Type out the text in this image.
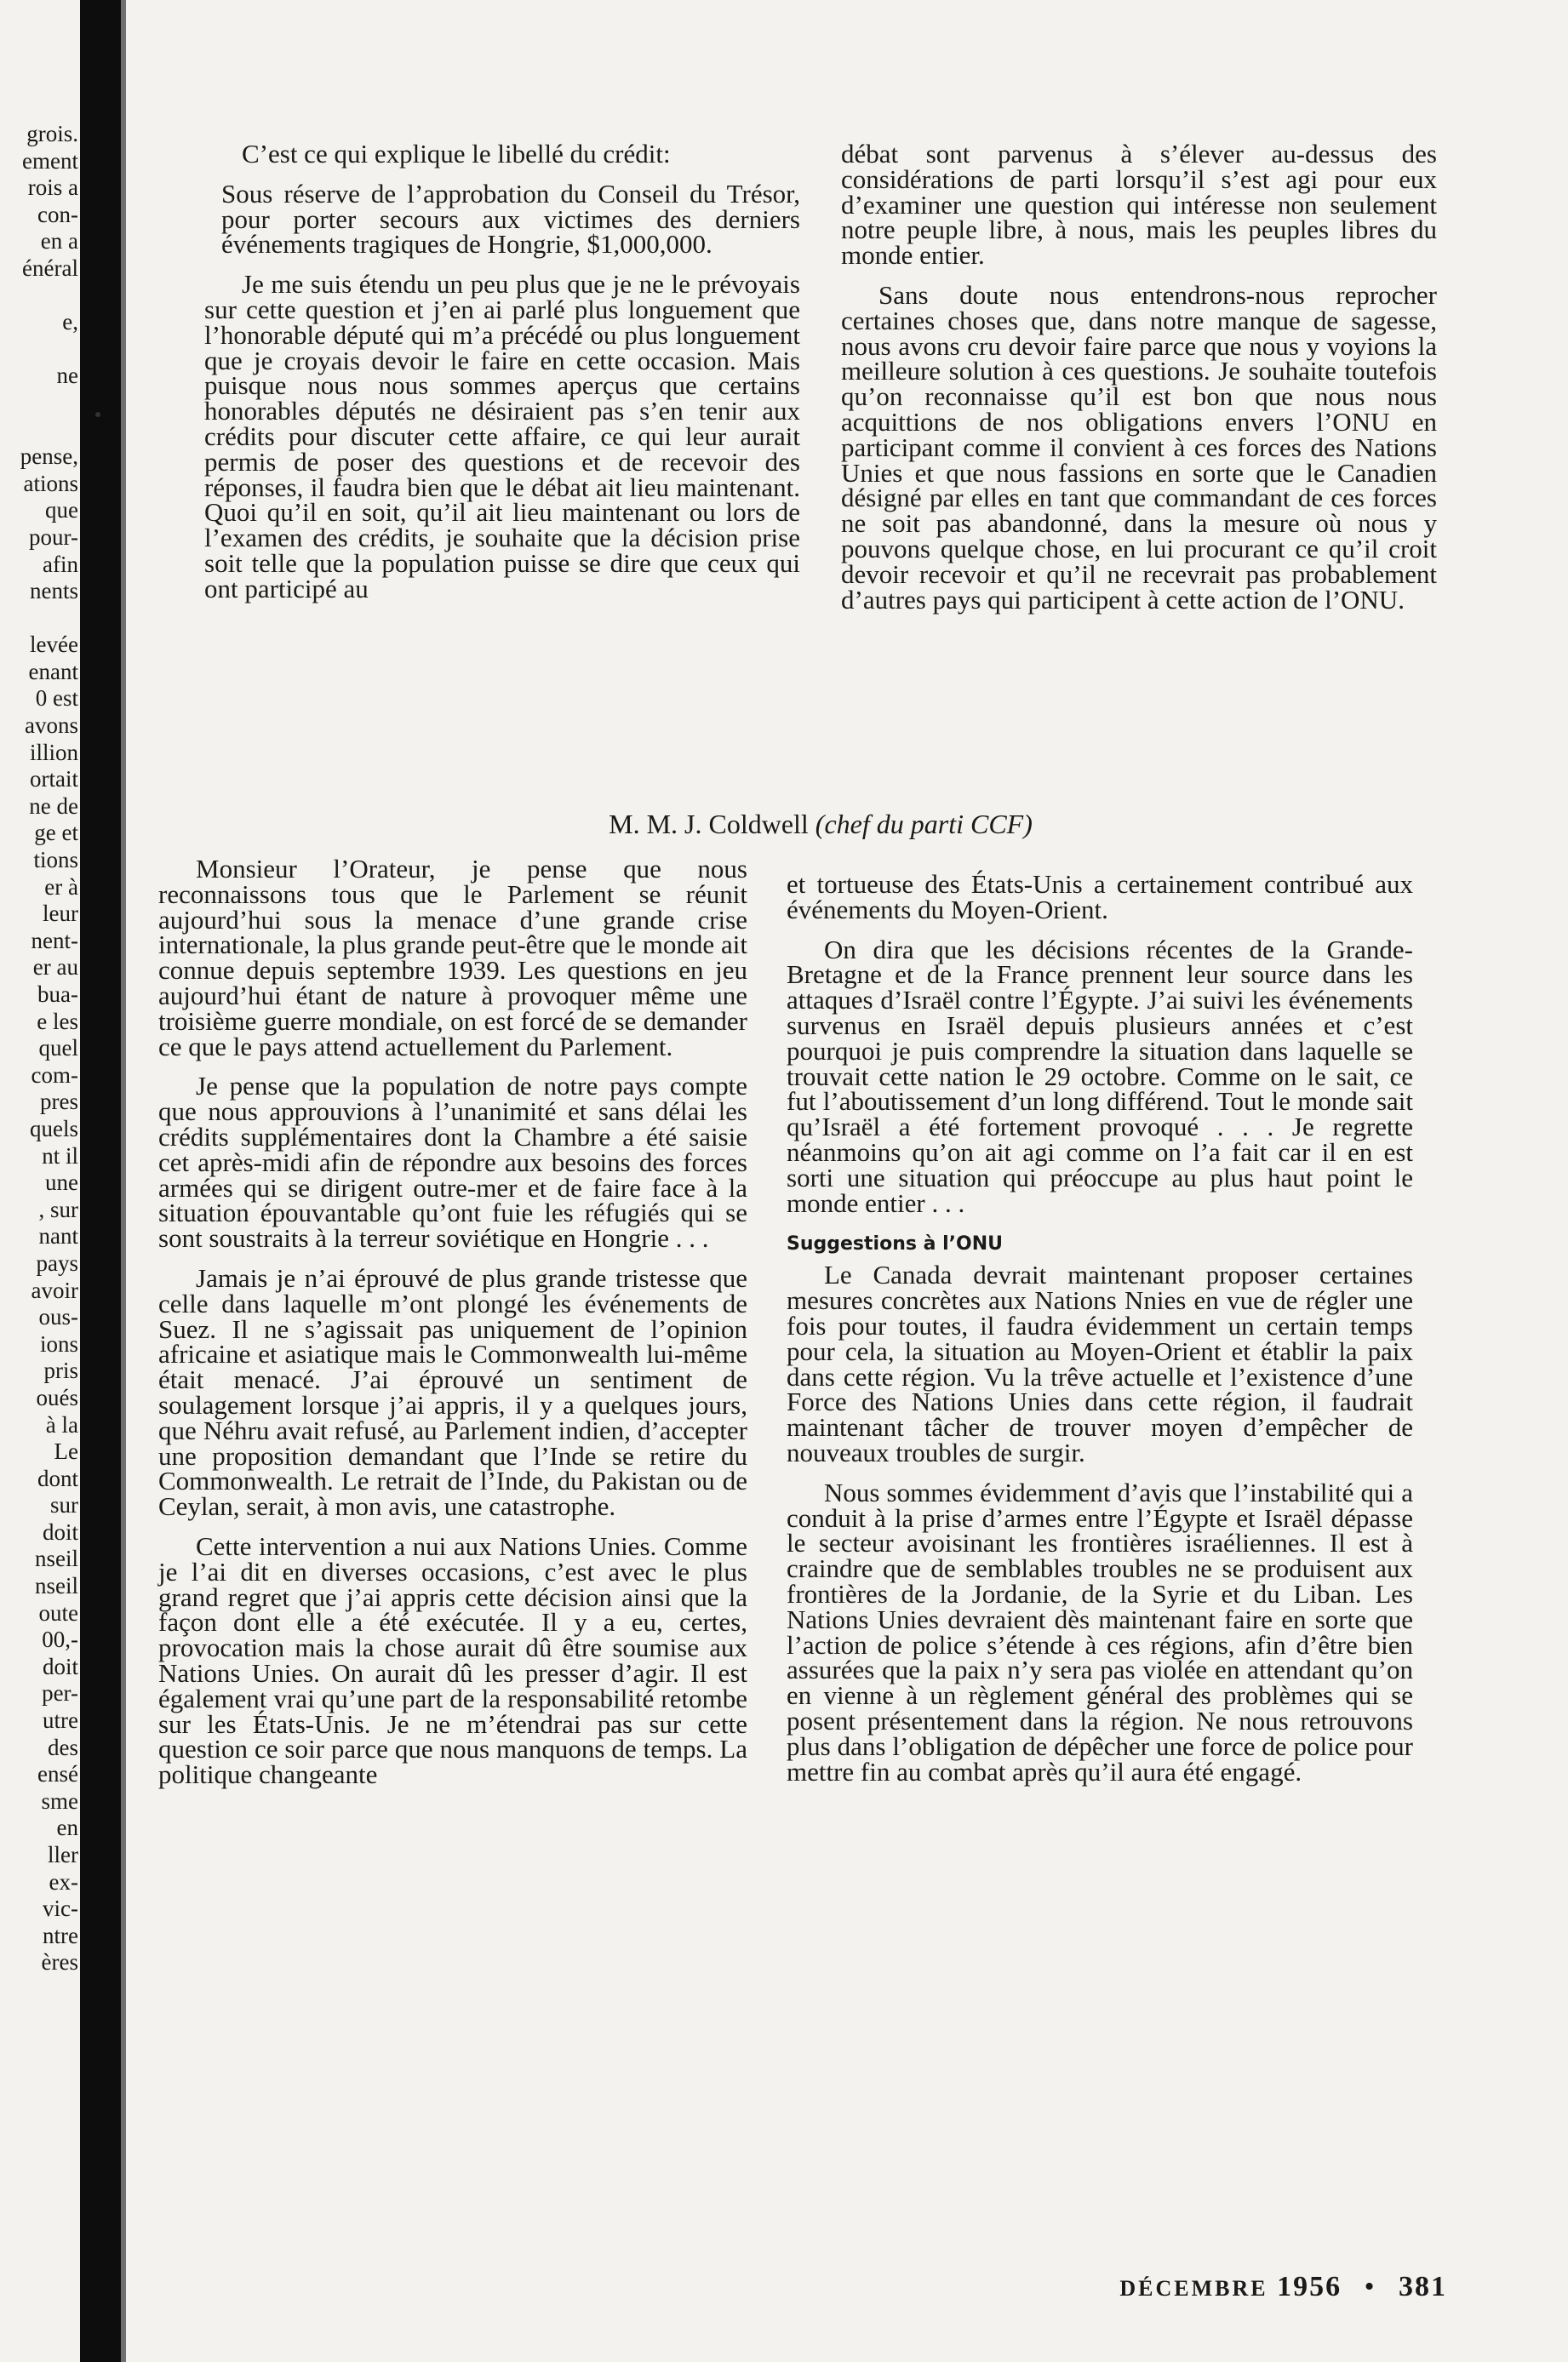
grois.
ement
rois a
con-
en a
énéral
e,
ne
pense,
ations
que
pour-
afin
nents
levée
enant
0 est
avons
illion
ortait
ne de
ge et
tions
er à
leur
nent-
er au
bua-
e les
quel
com-
pres
quels
nt il
une
, sur
nant
pays
avoir
ous-
ions
pris
oués
à la
Le
dont
sur
doit
nseil
nseil
oute
00,-
doit
per-
utre
des
ensé
sme
en
ller
ex-
vic-
ntre
ères

C’est ce qui explique le libellé du crédit:

Sous réserve de l’approbation du Conseil du Trésor, pour porter secours aux victimes des derniers événements tragiques de Hongrie, $1,000,000.

Je me suis étendu un peu plus que je ne le prévoyais sur cette question et j’en ai parlé plus longuement que l’honorable député qui m’a précédé ou plus longuement que je croyais devoir le faire en cette occasion. Mais puisque nous nous sommes aperçus que certains honorables députés ne désiraient pas s’en tenir aux crédits pour discuter cette affaire, ce qui leur aurait permis de poser des questions et de recevoir des réponses, il faudra bien que le débat ait lieu maintenant. Quoi qu’il en soit, qu’il ait lieu maintenant ou lors de l’examen des crédits, je souhaite que la décision prise soit telle que la population puisse se dire que ceux qui ont participé au

débat sont parvenus à s’élever au-dessus des considérations de parti lorsqu’il s’est agi pour eux d’examiner une question qui intéresse non seulement notre peuple libre, à nous, mais les peuples libres du monde entier.

Sans doute nous entendrons-nous reprocher certaines choses que, dans notre manque de sagesse, nous avons cru devoir faire parce que nous y voyions la meilleure solution à ces questions. Je souhaite toutefois qu’on reconnaisse qu’il est bon que nous nous acquittions de nos obligations envers l’ONU en participant comme il convient à ces forces des Nations Unies et que nous fassions en sorte que le Canadien désigné par elles en tant que commandant de ces forces ne soit pas abandonné, dans la mesure où nous y pouvons quelque chose, en lui procurant ce qu’il croit devoir recevoir et qu’il ne recevrait pas probablement d’autres pays qui participent à cette action de l’ONU.

M. M. J. Coldwell (chef du parti CCF)

Monsieur l’Orateur, je pense que nous reconnaissons tous que le Parlement se réunit aujourd’hui sous la menace d’une grande crise internationale, la plus grande peut-être que le monde ait connue depuis septembre 1939. Les questions en jeu aujourd’hui étant de nature à provoquer même une troisième guerre mondiale, on est forcé de se demander ce que le pays attend actuellement du Parlement.

Je pense que la population de notre pays compte que nous approuvions à l’unanimité et sans délai les crédits supplémentaires dont la Chambre a été saisie cet après-midi afin de répondre aux besoins des forces armées qui se dirigent outre-mer et de faire face à la situation épouvantable qu’ont fuie les réfugiés qui se sont soustraits à la terreur soviétique en Hongrie . . .

Jamais je n’ai éprouvé de plus grande tristesse que celle dans laquelle m’ont plongé les événements de Suez. Il ne s’agissait pas uniquement de l’opinion africaine et asiatique mais le Commonwealth lui-même était menacé. J’ai éprouvé un sentiment de soulagement lorsque j’ai appris, il y a quelques jours, que Néhru avait refusé, au Parlement indien, d’accepter une proposition demandant que l’Inde se retire du Commonwealth. Le retrait de l’Inde, du Pakistan ou de Ceylan, serait, à mon avis, une catastrophe.

Cette intervention a nui aux Nations Unies. Comme je l’ai dit en diverses occasions, c’est avec le plus grand regret que j’ai appris cette décision ainsi que la façon dont elle a été exécutée. Il y a eu, certes, provocation mais la chose aurait dû être soumise aux Nations Unies. On aurait dû les presser d’agir. Il est également vrai qu’une part de la responsabilité retombe sur les États-Unis. Je ne m’étendrai pas sur cette question ce soir parce que nous manquons de temps. La politique changeante

et tortueuse des États-Unis a certainement contribué aux événements du Moyen-Orient.

On dira que les décisions récentes de la Grande-Bretagne et de la France prennent leur source dans les attaques d’Israël contre l’Égypte. J’ai suivi les événements survenus en Israël depuis plusieurs années et c’est pourquoi je puis comprendre la situation dans laquelle se trouvait cette nation le 29 octobre. Comme on le sait, ce fut l’aboutissement d’un long différend. Tout le monde sait qu’Israël a été fortement provoqué . . . Je regrette néanmoins qu’on ait agi comme on l’a fait car il en est sorti une situation qui préoccupe au plus haut point le monde entier . . .

Suggestions à l’ONU

Le Canada devrait maintenant proposer certaines mesures concrètes aux Nations Nnies en vue de régler une fois pour toutes, il faudra évidemment un certain temps pour cela, la situation au Moyen-Orient et établir la paix dans cette région. Vu la trêve actuelle et l’existence d’une Force des Nations Unies dans cette région, il faudrait maintenant tâcher de trouver moyen d’empêcher de nouveaux troubles de surgir.

Nous sommes évidemment d’avis que l’instabilité qui a conduit à la prise d’armes entre l’Égypte et Israël dépasse le secteur avoisinant les frontières israéliennes. Il est à craindre que de semblables troubles ne se produisent aux frontières de la Jordanie, de la Syrie et du Liban. Les Nations Unies devraient dès maintenant faire en sorte que l’action de police s’étende à ces régions, afin d’être bien assurées que la paix n’y sera pas violée en attendant qu’on en vienne à un règlement général des problèmes qui se posent présentement dans la région. Ne nous retrouvons plus dans l’obligation de dépêcher une force de police pour mettre fin au combat après qu’il aura été engagé.

DÉCEMBRE 1956 • 381
